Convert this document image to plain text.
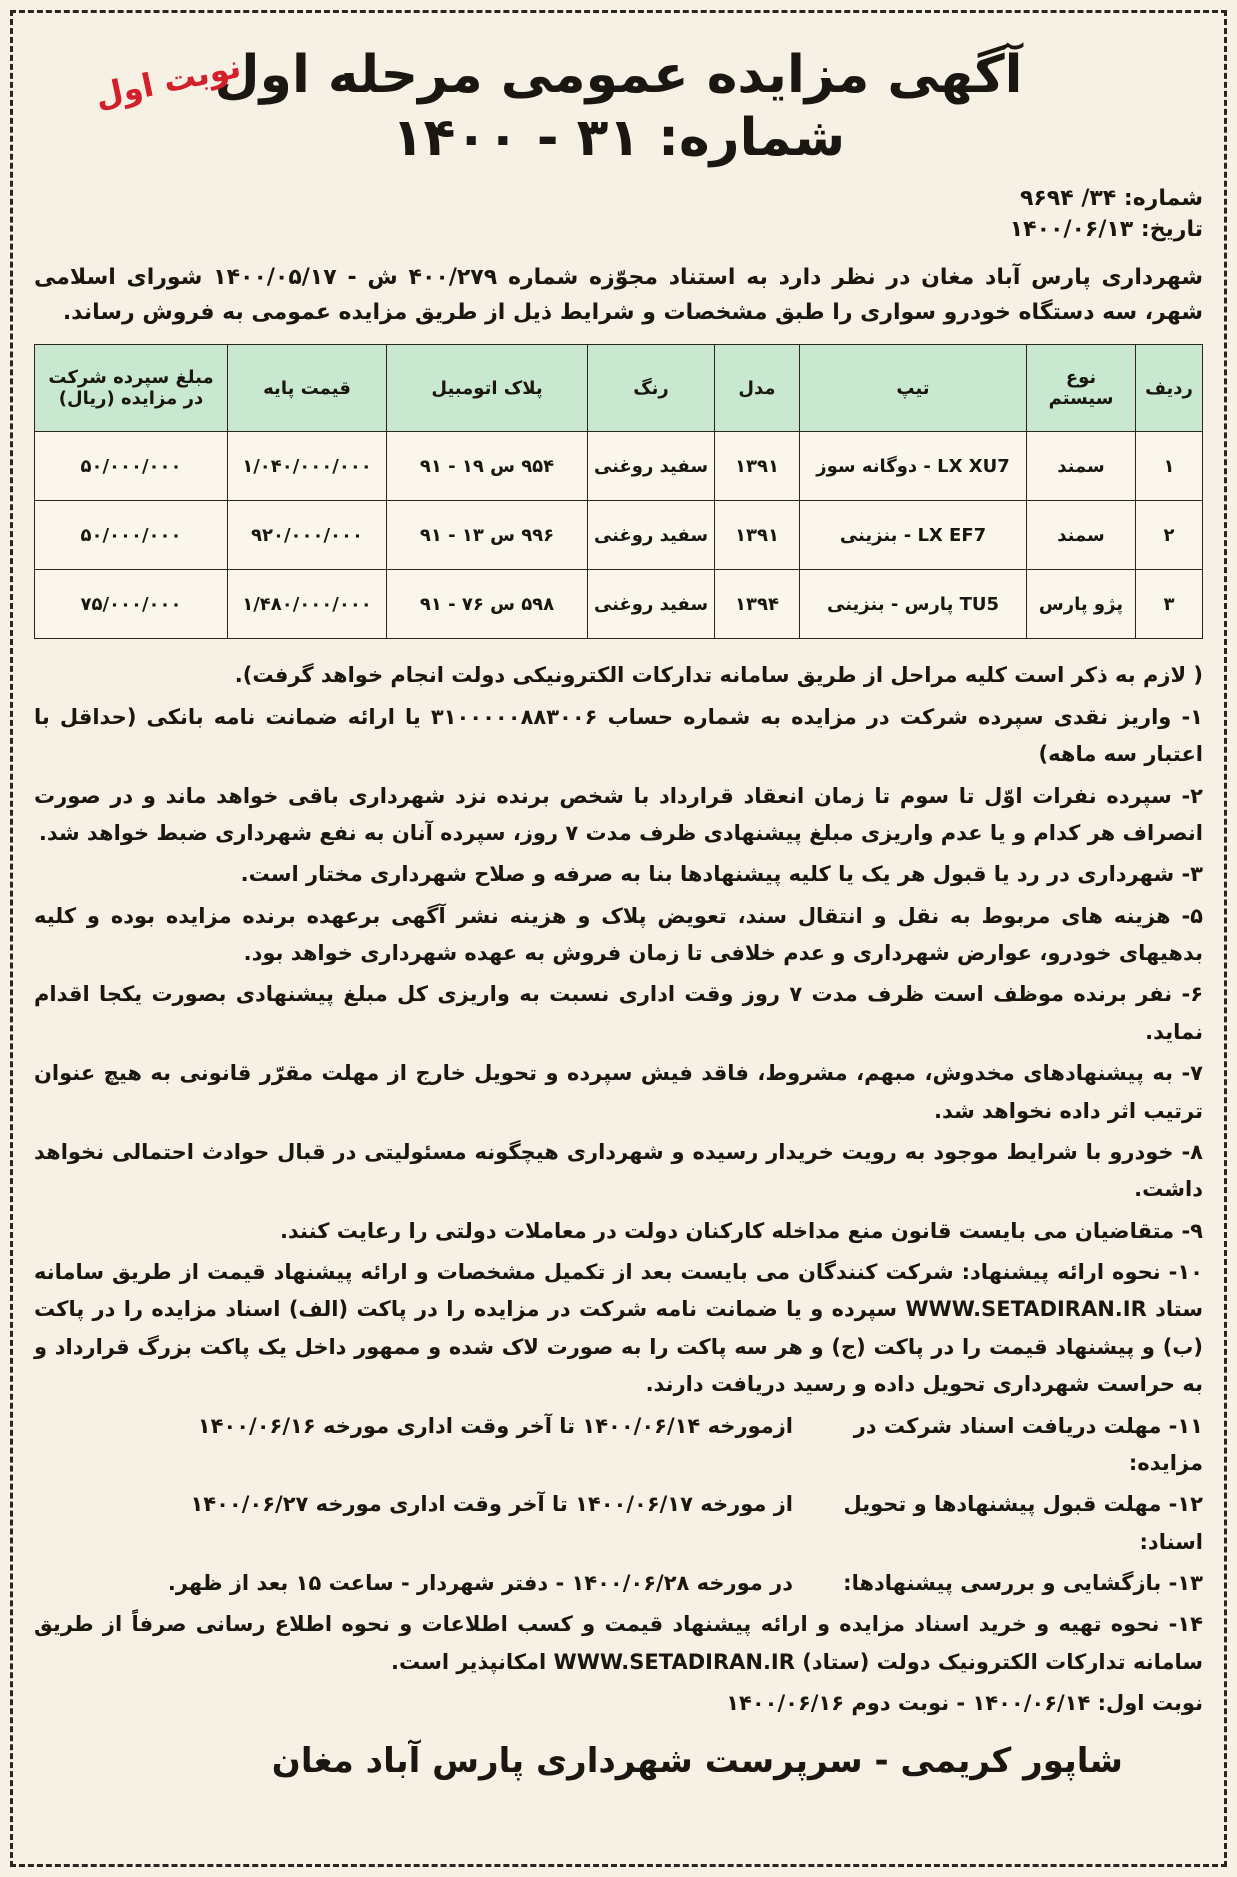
نوبت اول
آگهی مزایده عمومی مرحله اول
شماره: ۳۱ - ۱۴۰۰
شماره: ۳۴/ ۹۶۹۴
تاریخ: ۱۴۰۰/۰۶/۱۳

شهرداری پارس آباد مغان در نظر دارد به استناد مجوّزه شماره ۴۰۰/۲۷۹ ش - ۱۴۰۰/۰۵/۱۷ شورای اسلامی شهر، سه دستگاه خودرو سواری را طبق مشخصات و شرایط ذیل از طریق مزایده عمومی به فروش رساند.

ردیف	نوع سیستم	تیپ	مدل	رنگ	پلاک اتومبیل	قیمت پایه	مبلغ سپرده شرکت در مزایده (ریال)
۱	سمند	LX XU7 - دوگانه سوز	۱۳۹۱	سفید روغنی	۹۵۴ س ۱۹ - ۹۱	۱/۰۴۰/۰۰۰/۰۰۰	۵۰/۰۰۰/۰۰۰
۲	سمند	LX EF7 - بنزینی	۱۳۹۱	سفید روغنی	۹۹۶ س ۱۳ - ۹۱	۹۲۰/۰۰۰/۰۰۰	۵۰/۰۰۰/۰۰۰
۳	پژو پارس	TU5 پارس - بنزینی	۱۳۹۴	سفید روغنی	۵۹۸ س ۷۶ - ۹۱	۱/۴۸۰/۰۰۰/۰۰۰	۷۵/۰۰۰/۰۰۰

( لازم به ذکر است کلیه مراحل از طریق سامانه تدارکات الکترونیکی دولت انجام خواهد گرفت).

۱- واریز نقدی سپرده شرکت در مزایده به شماره حساب ۳۱۰۰۰۰۰۸۸۳۰۰۶ یا ارائه ضمانت نامه بانکی (حداقل با اعتبار سه ماهه)

۲- سپرده نفرات اوّل تا سوم تا زمان انعقاد قرارداد با شخص برنده نزد شهرداری باقی خواهد ماند و در صورت انصراف هر کدام و یا عدم واریزی مبلغ پیشنهادی ظرف مدت ۷ روز، سپرده آنان به نفع شهرداری ضبط خواهد شد.

۳- شهرداری در رد یا قبول هر یک یا کلیه پیشنهادها بنا به صرفه و صلاح شهرداری مختار است.

۵- هزینه های مربوط به نقل و انتقال سند، تعویض پلاک و هزینه نشر آگهی برعهده برنده مزایده بوده و کلیه بدهیهای خودرو، عوارض شهرداری و عدم خلافی تا زمان فروش به عهده شهرداری خواهد بود.

۶- نفر برنده موظف است ظرف مدت ۷ روز وقت اداری نسبت به واریزی کل مبلغ پیشنهادی بصورت یکجا اقدام نماید.

۷- به پیشنهادهای مخدوش، مبهم، مشروط، فاقد فیش سپرده و تحویل خارج از مهلت مقرّر قانونی به هیچ عنوان ترتیب اثر داده نخواهد شد.

۸- خودرو با شرایط موجود به رویت خریدار رسیده و شهرداری هیچگونه مسئولیتی در قبال حوادث احتمالی نخواهد داشت.

۹- متقاضیان می بایست قانون منع مداخله کارکنان دولت در معاملات دولتی را رعایت کنند.

۱۰- نحوه ارائه پیشنهاد: شرکت کنندگان می بایست بعد از تکمیل مشخصات و ارائه پیشنهاد قیمت از طریق سامانه ستاد WWW.SETADIRAN.IR سپرده و یا ضمانت نامه شرکت در مزایده را در پاکت (الف) اسناد مزایده را در پاکت (ب) و پیشنهاد قیمت را در پاکت (ج) و هر سه پاکت را به صورت لاک شده و ممهور داخل یک پاکت بزرگ قرارداد و به حراست شهرداری تحویل داده و رسید دریافت دارند.

۱۱- مهلت دریافت اسناد شرکت در مزایده:
ازمورخه ۱۴۰۰/۰۶/۱۴ تا آخر وقت اداری مورخه ۱۴۰۰/۰۶/۱۶
۱۲- مهلت قبول پیشنهادها و تحویل اسناد:
از مورخه ۱۴۰۰/۰۶/۱۷ تا آخر وقت اداری مورخه ۱۴۰۰/۰۶/۲۷
۱۳- بازگشایی و بررسی پیشنهادها:
در مورخه ۱۴۰۰/۰۶/۲۸ - دفتر شهردار - ساعت ۱۵ بعد از ظهر.

۱۴- نحوه تهیه و خرید اسناد مزایده و ارائه پیشنهاد قیمت و کسب اطلاعات و نحوه اطلاع رسانی صرفاً از طریق سامانه تدارکات الکترونیک دولت (ستاد) WWW.SETADIRAN.IR امکانپذیر است.

نوبت اول: ۱۴۰۰/۰۶/۱۴ - نوبت دوم ۱۴۰۰/۰۶/۱۶

شاپور کریمی - سرپرست شهرداری پارس آباد مغان
